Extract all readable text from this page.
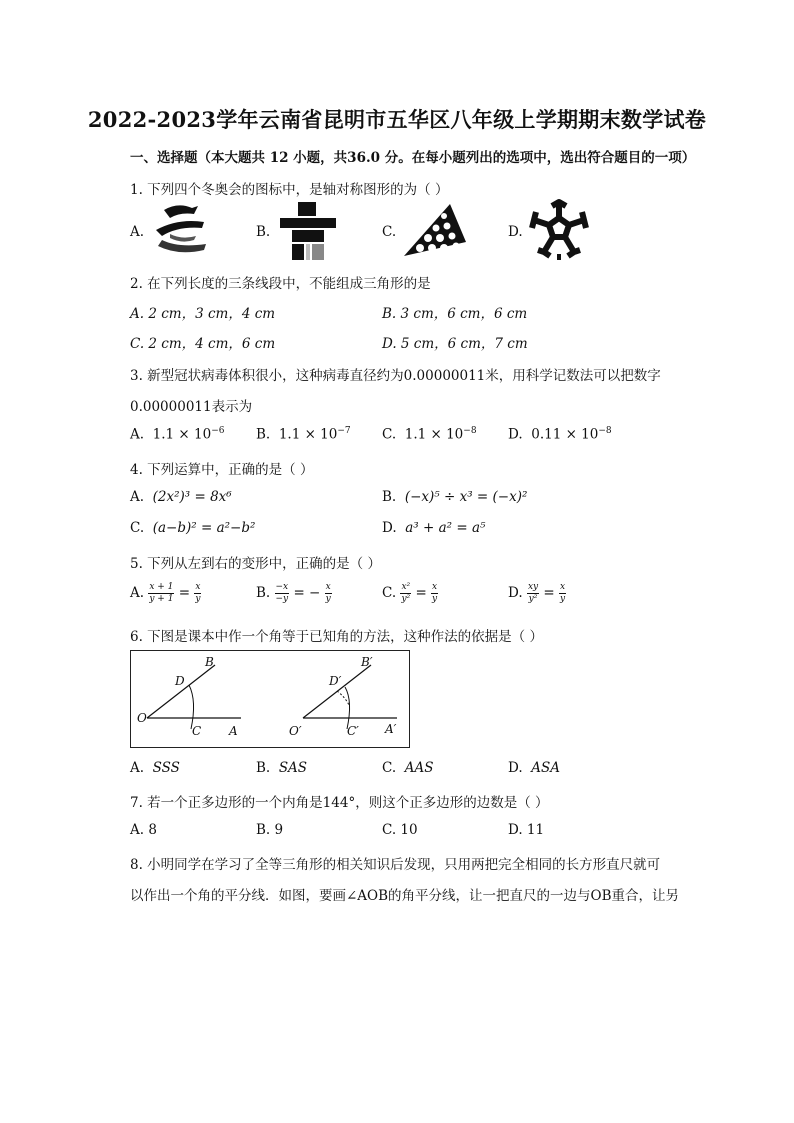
2022-2023学年云南省昆明市五华区八年级上学期期末数学试卷
一、选择题（本大题共 12 小题，共36.0 分。在每小题列出的选项中，选出符合题目的一项）
1. 下列四个冬奥会的图标中，是轴对称图形的为（ ）
A.	B.	C.	D.
2. 在下列长度的三条线段中，不能组成三角形的是
A. 2 cm，3 cm，4 cm	B. 3 cm，6 cm，6 cm
C. 2 cm，4 cm，6 cm	D. 5 cm，6 cm，7 cm
3. 新型冠状病毒体积很小，这种病毒直径约为0.00000011米，用科学记数法可以把数字
0.00000011表示为
A. $1.1 \times 10^{-6}$ B. $1.1 \times 10^{-7}$ C. $1.1 \times 10^{-8}$ D. $0.11 \times 10^{-8}$
4. 下列运算中，正确的是（ ）
A. (2x²)³ = 8x⁶	B. (−x)⁵ ÷ x³ = (−x)²
C. (a−b)² = a²−b²	D. a³ + a² = a⁵
5. 下列从左到右的变形中，正确的是（ ）
A. $\frac{x + 1}{y + 1} = \frac{x}{y}$	B. $\frac{-x}{-y}$ = − $\frac{x}{y}$	C. $\frac{\text{x²}}{\text{y²}} = \frac{x}{y}$	D. $\frac{xy}{\text{y²}} = \frac{x}{y}$
6. 下图是课本中作一个角等于已知角的方法，这种作法的依据是（ ）
O
A
B
C
D
O′	A′
B′
C′
D′
A. SSS	B. SAS	C. AAS	D. ASA
7. 若一个正多边形的一个内角是144°，则这个正多边形的边数是（ ）
A. 8	B. 9	C. 10	D. 11
8. 小明同学在学习了全等三角形的相关知识后发现，只用两把完全相同的长方形直尺就可
以作出一个角的平分线．如图，要画∠AOB的角平分线，让一把直尺的一边与OB重合，让另
